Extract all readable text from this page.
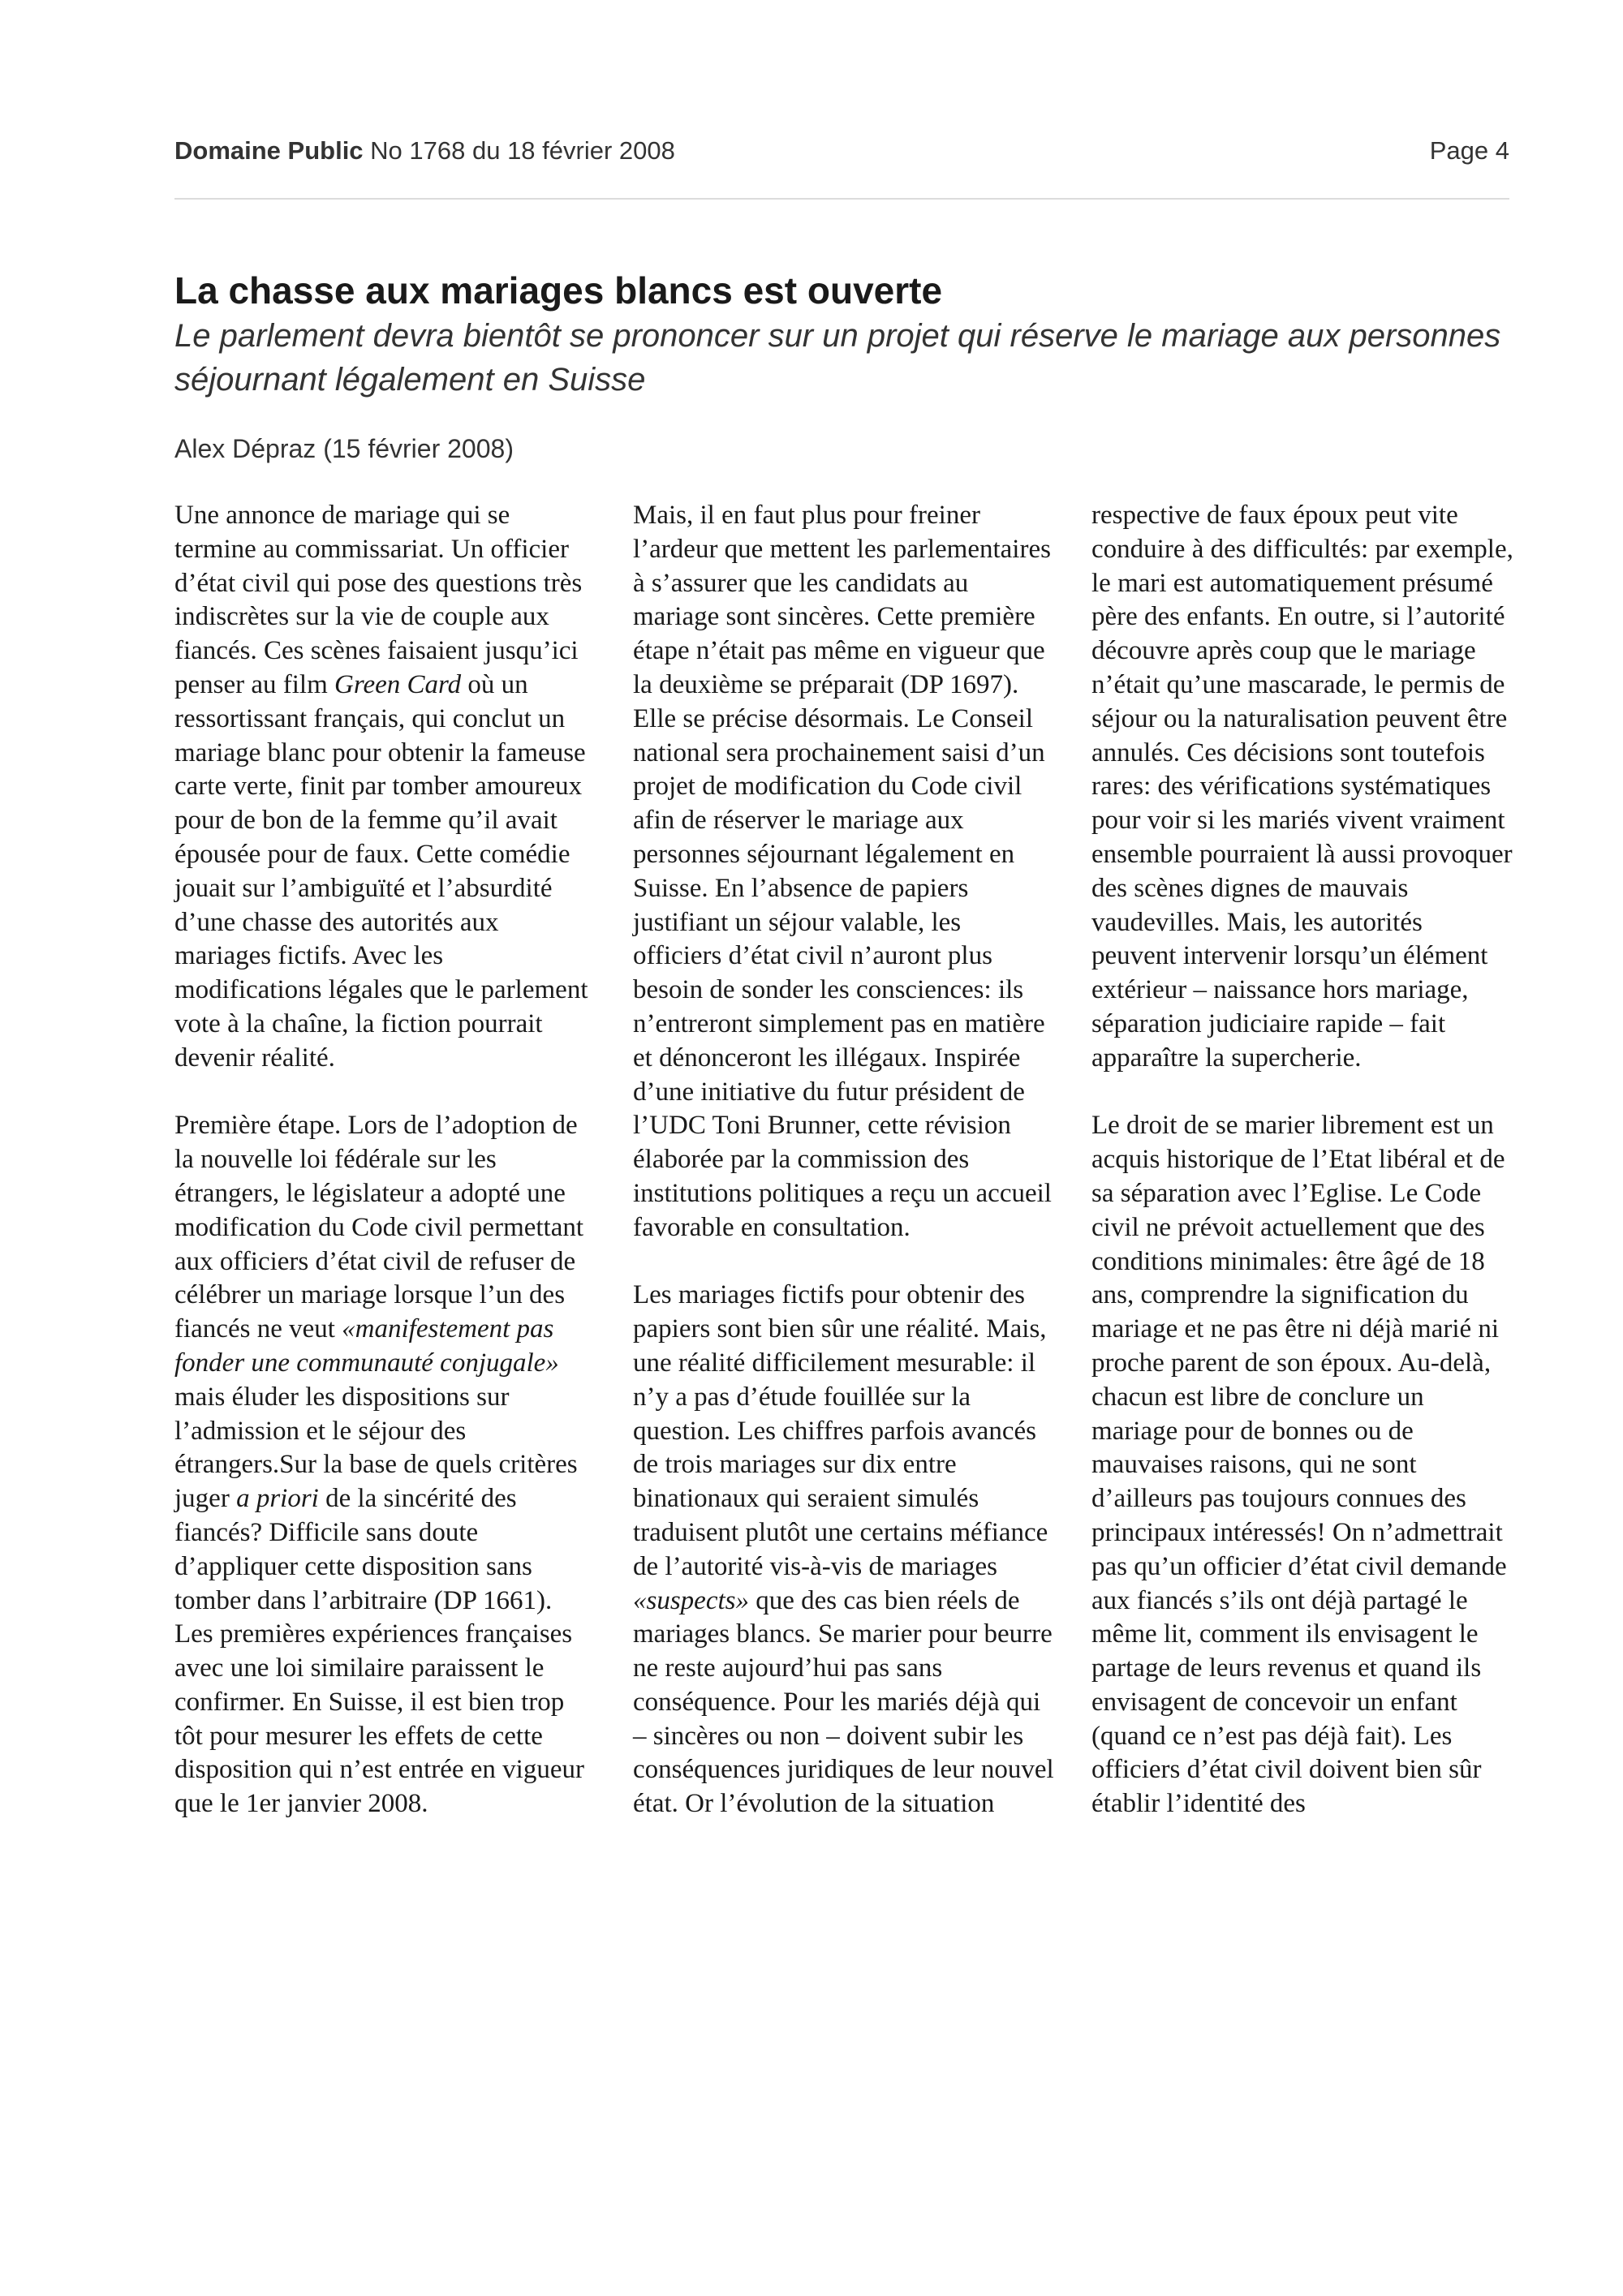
Domaine Public No 1768 du 18 février 2008	Page 4
La chasse aux mariages blancs est ouverte

Le parlement devra bientôt se prononcer sur un projet qui réserve le mariage aux personnes séjournant légalement en Suisse

Alex Dépraz (15 février 2008)

Une annonce de mariage qui se termine au commissariat. Un officier d’état civil qui pose des questions très indiscrètes sur la vie de couple aux fiancés. Ces scènes faisaient jusqu’ici penser au film Green Card où un ressortissant français, qui conclut un mariage blanc pour obtenir la fameuse carte verte, finit par tomber amoureux pour de bon de la femme qu’il avait épousée pour de faux. Cette comédie jouait sur l’ambiguïté et l’absurdité d’une chasse des autorités aux mariages fictifs. Avec les modifications légales que le parlement vote à la chaîne, la fiction pourrait devenir réalité.

Première étape. Lors de l’adoption de la nouvelle loi fédérale sur les étrangers, le législateur a adopté une modification du Code civil permettant aux officiers d’état civil de refuser de célébrer un mariage lorsque l’un des fiancés ne veut «manifestement pas fonder une communauté conjugale» mais éluder les dispositions sur l’admission et le séjour des étrangers.Sur la base de quels critères juger a priori de la sincérité des fiancés? Difficile sans doute d’appliquer cette disposition sans tomber dans l’arbitraire (DP 1661). Les premières expériences françaises avec une loi similaire paraissent le confirmer. En Suisse, il est bien trop tôt pour mesurer les effets de cette disposition qui n’est entrée en vigueur que le 1er janvier 2008.

Mais, il en faut plus pour freiner l’ardeur que mettent les parlementaires à s’assurer que les candidats au mariage sont sincères. Cette première étape n’était pas même en vigueur que la deuxième se préparait (DP 1697). Elle se précise désormais. Le Conseil national sera prochainement saisi d’un projet de modification du Code civil afin de réserver le mariage aux personnes séjournant légalement en Suisse. En l’absence de papiers justifiant un séjour valable, les officiers d’état civil n’auront plus besoin de sonder les consciences: ils n’entreront simplement pas en matière et dénonceront les illégaux. Inspirée d’une initiative du futur président de l’UDC Toni Brunner, cette révision élaborée par la commission des institutions politiques a reçu un accueil favorable en consultation.

Les mariages fictifs pour obtenir des papiers sont bien sûr une réalité. Mais, une réalité difficilement mesurable: il n’y a pas d’étude fouillée sur la question. Les chiffres parfois avancés de trois mariages sur dix entre binationaux qui seraient simulés traduisent plutôt une certains méfiance de l’autorité vis-à-vis de mariages «suspects» que des cas bien réels de mariages blancs. Se marier pour beurre ne reste aujourd’hui pas sans conséquence. Pour les mariés déjà qui – sincères ou non – doivent subir les conséquences juridiques de leur nouvel état. Or l’évolution de la situation

respective de faux époux peut vite conduire à des difficultés: par exemple, le mari est automatiquement présumé père des enfants. En outre, si l’autorité découvre après coup que le mariage n’était qu’une mascarade, le permis de séjour ou la naturalisation peuvent être annulés. Ces décisions sont toutefois rares: des vérifications systématiques pour voir si les mariés vivent vraiment ensemble pourraient là aussi provoquer des scènes dignes de mauvais vaudevilles. Mais, les autorités peuvent intervenir lorsqu’un élément extérieur – naissance hors mariage, séparation judiciaire rapide – fait apparaître la supercherie.

Le droit de se marier librement est un acquis historique de l’Etat libéral et de sa séparation avec l’Eglise. Le Code civil ne prévoit actuellement que des conditions minimales: être âgé de 18 ans, comprendre la signification du mariage et ne pas être ni déjà marié ni proche parent de son époux. Au-delà, chacun est libre de conclure un mariage pour de bonnes ou de mauvaises raisons, qui ne sont d’ailleurs pas toujours connues des principaux intéressés! On n’admettrait pas qu’un officier d’état civil demande aux fiancés s’ils ont déjà partagé le même lit, comment ils envisagent le partage de leurs revenus et quand ils envisagent de concevoir un enfant (quand ce n’est pas déjà fait). Les officiers d’état civil doivent bien sûr établir l’identité des
